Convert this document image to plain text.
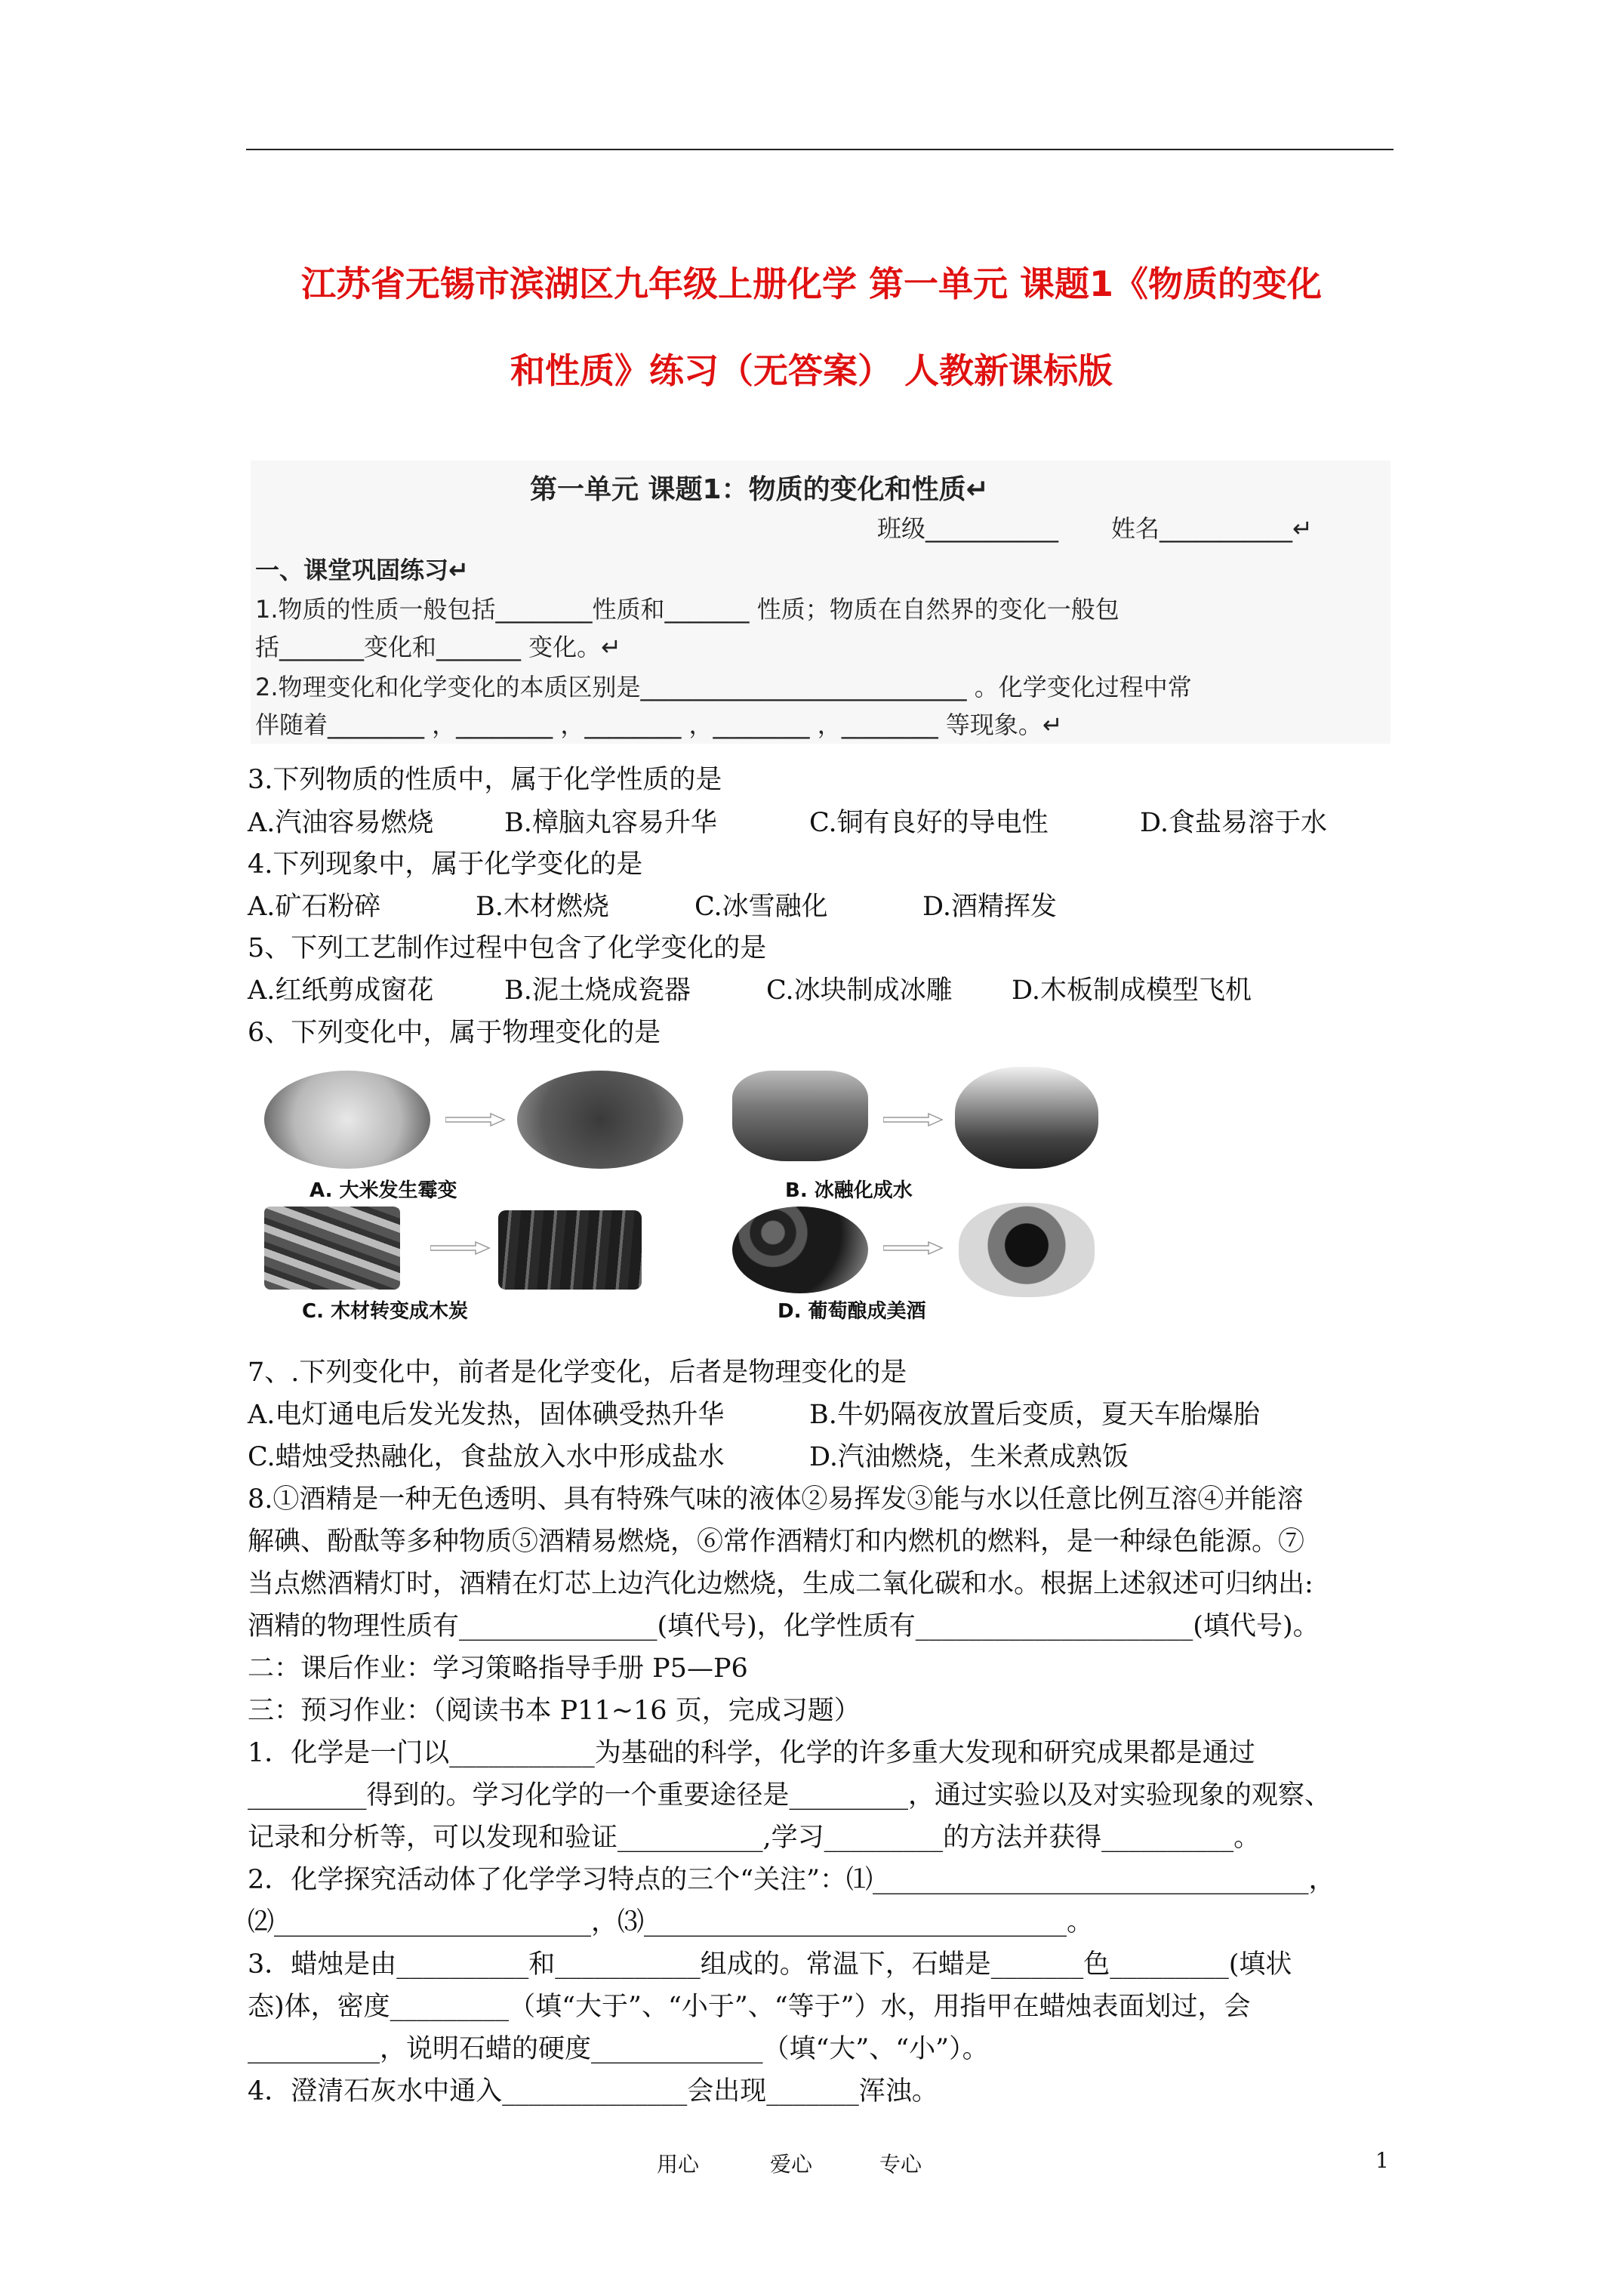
江苏省无锡市滨湖区九年级上册化学 第一单元 课题1《物质的变化
和性质》练习（无答案） 人教新课标版
第一单元 课题1：物质的变化和性质↵
班级___________ 姓名___________↵
一、课堂巩固练习↵
1.物质的性质一般包括________性质和_______ 性质；物质在自然界的变化一般包
括_______变化和_______ 变化。↵
2.物理变化和化学变化的本质区别是___________________________ 。化学变化过程中常
伴随着________ ，________ ，________ ，________ ，________ 等现象。↵
3.下列物质的性质中，属于化学性质的是
A.汽油容易燃烧	B.樟脑丸容易升华	C.铜有良好的导电性	D.食盐易溶于水
4.下列现象中，属于化学变化的是
A.矿石粉碎	B.木材燃烧	C.冰雪融化	D.酒精挥发
5、下列工艺制作过程中包含了化学变化的是
A.红纸剪成窗花	B.泥土烧成瓷器	C.冰块制成冰雕 D.木板制成模型飞机
6、下列变化中，属于物理变化的是
A. 大米发生霉变	B. 冰融化成水
C. 木材转变成木炭	D. 葡萄酿成美酒
7、.下列变化中，前者是化学变化，后者是物理变化的是
A.电灯通电后发光发热，固体碘受热升华	B.牛奶隔夜放置后变质，夏天车胎爆胎
C.蜡烛受热融化，食盐放入水中形成盐水	D.汽油燃烧，生米煮成熟饭
8.①酒精是一种无色透明、具有特殊气味的液体②易挥发③能与水以任意比例互溶④并能溶
解碘、酚酞等多种物质⑤酒精易燃烧，⑥常作酒精灯和内燃机的燃料，是一种绿色能源。⑦
当点燃酒精灯时，酒精在灯芯上边汽化边燃烧，生成二氧化碳和水。根据上述叙述可归纳出:
酒精的物理性质有_______________(填代号)，化学性质有_____________________(填代号)。
二：课后作业：学习策略指导手册 P5—P6
三：预习作业：（阅读书本 P11~16 页，完成习题）
1．化学是一门以___________为基础的科学，化学的许多重大发现和研究成果都是通过
_________得到的。学习化学的一个重要途径是_________，通过实验以及对实验现象的观察、
记录和分析等，可以发现和验证___________,学习_________的方法并获得__________。
2．化学探究活动体了化学学习特点的三个“关注”：⑴_________________________________，
⑵________________________，⑶________________________________。
3．蜡烛是由__________和___________组成的。常温下，石蜡是_______色_________(填状
态)体，密度_________（填“大于”、“小于”、“等于”）水，用指甲在蜡烛表面划过，会
__________，说明石蜡的硬度_____________（填“大”、“小”）。
4．澄清石灰水中通入______________会出现_______浑浊。
用心	爱心	专心	1
